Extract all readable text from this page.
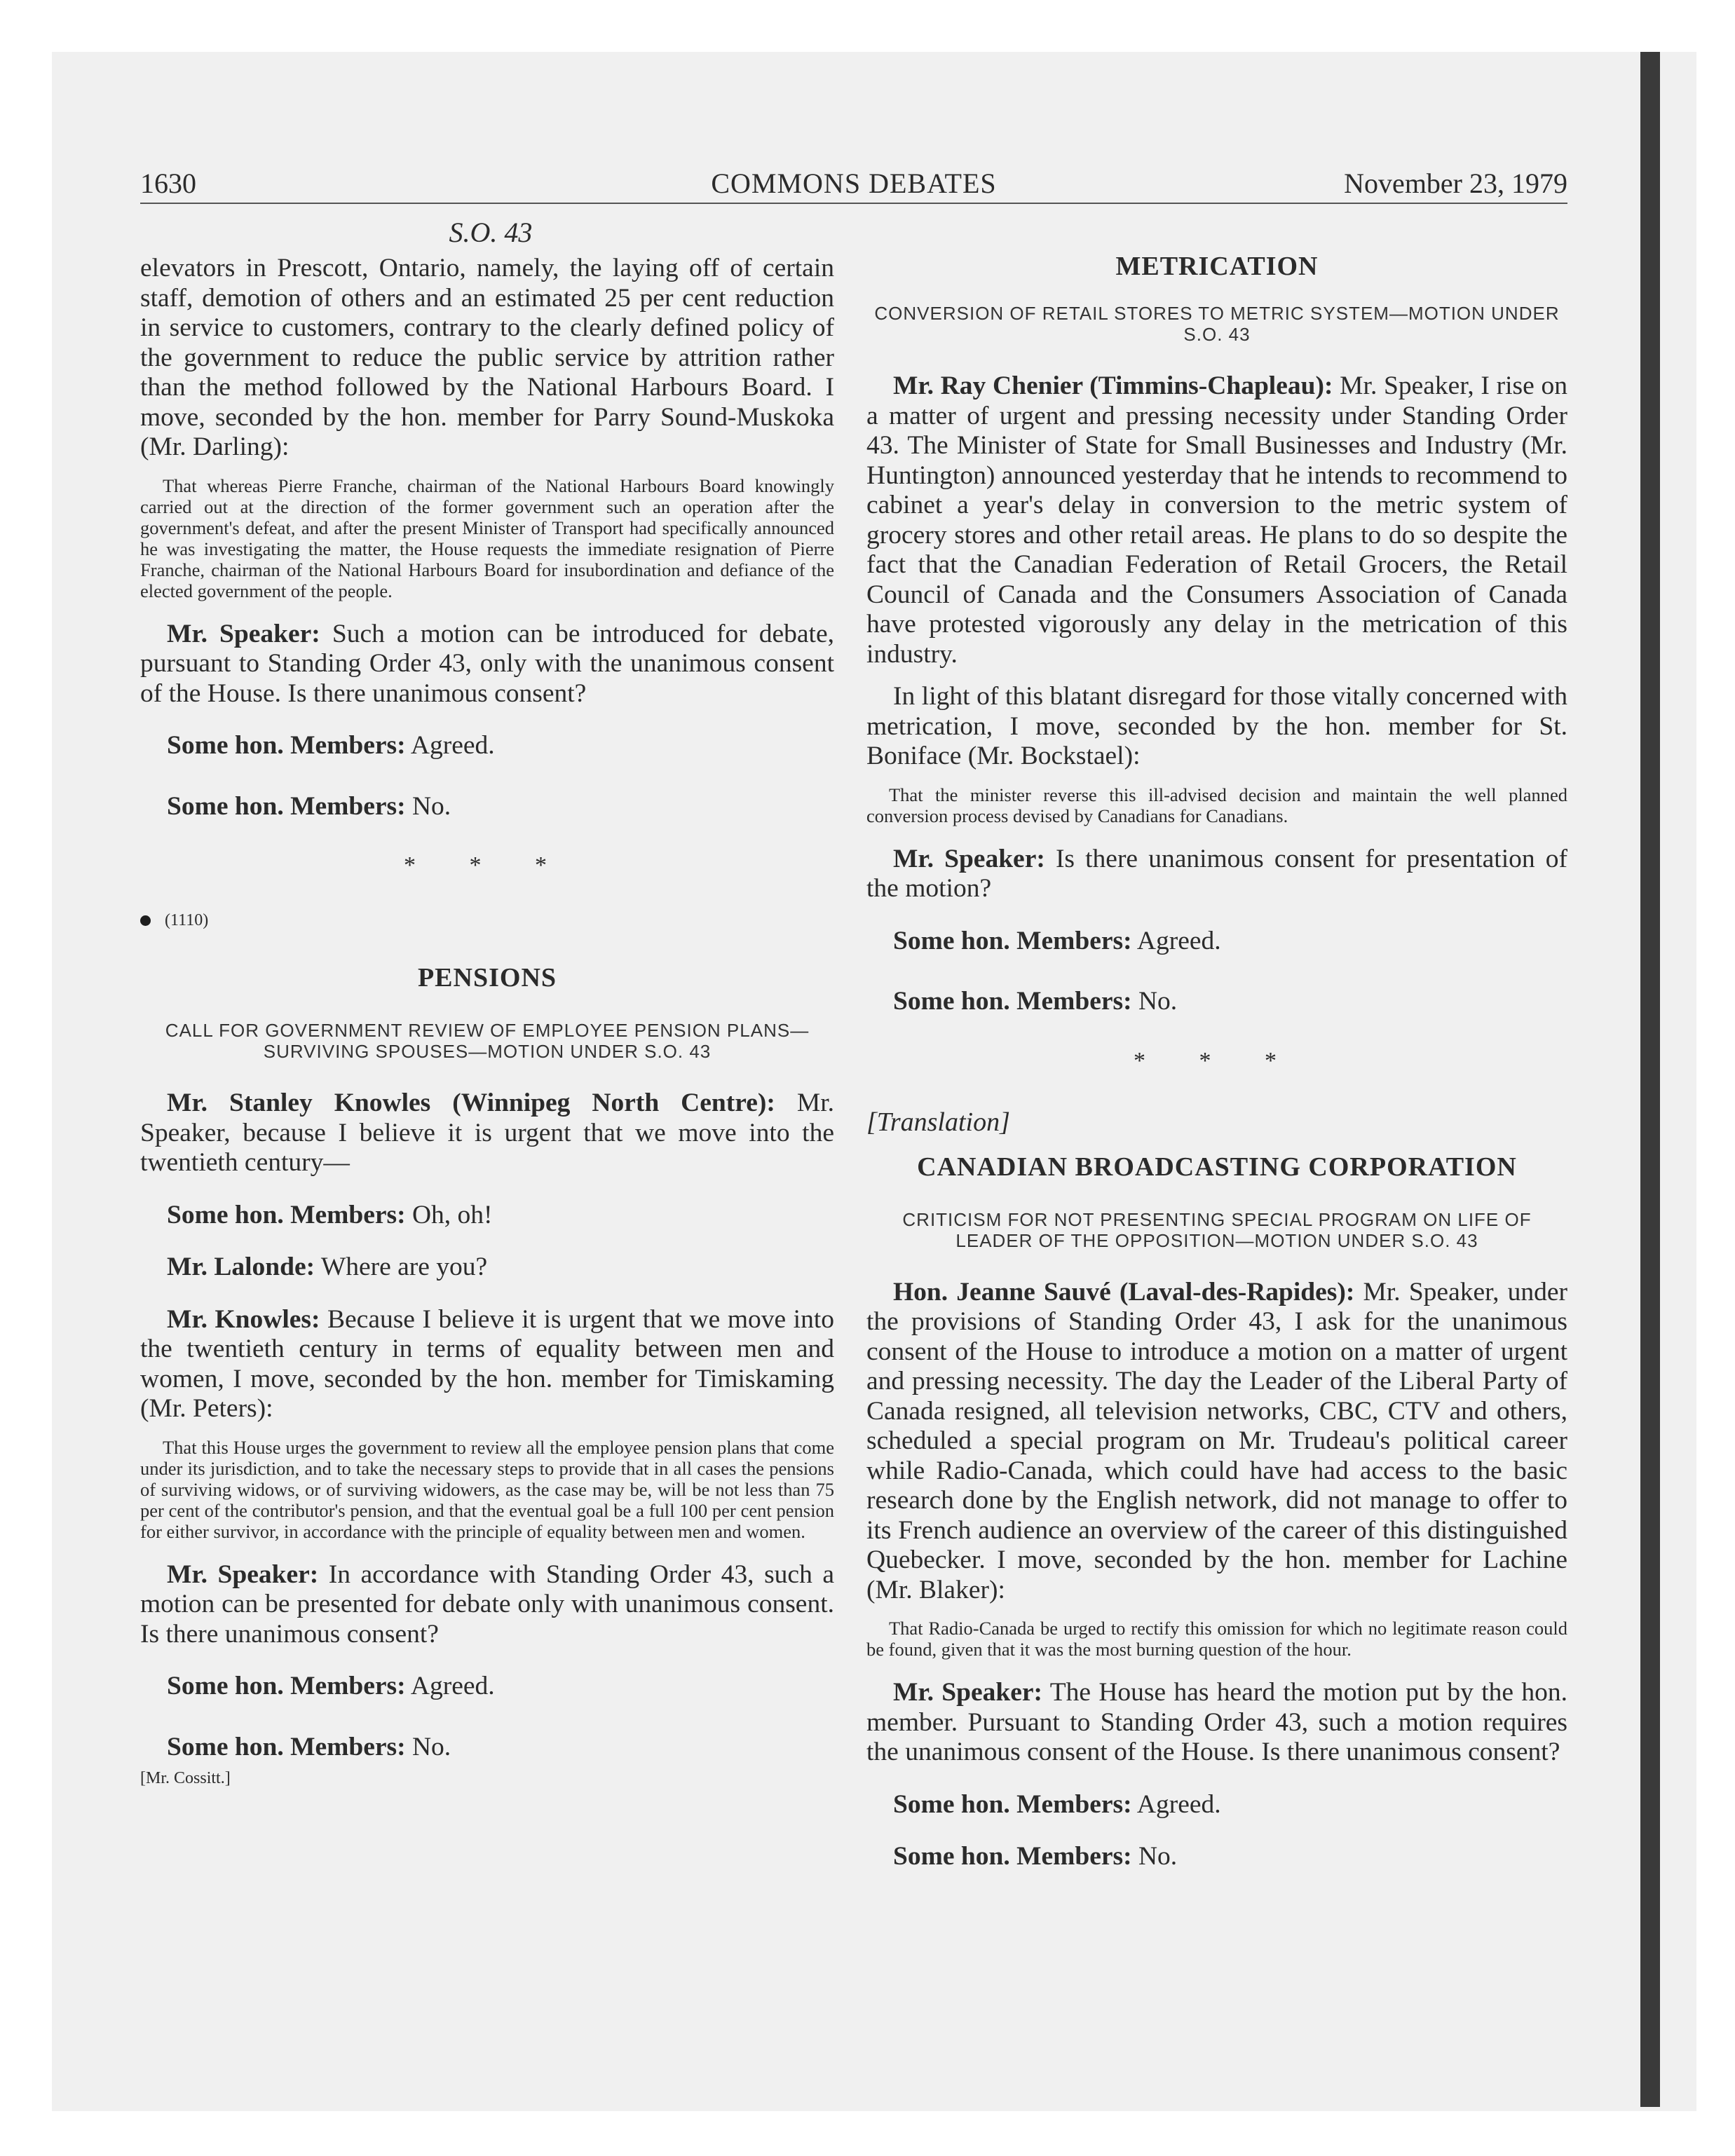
1630	COMMONS DEBATES	November 23, 1979
S.O. 43

elevators in Prescott, Ontario, namely, the laying off of certain staff, demotion of others and an estimated 25 per cent reduction in service to customers, contrary to the clearly defined policy of the government to reduce the public service by attrition rather than the method followed by the National Harbours Board. I move, seconded by the hon. member for Parry Sound-Muskoka (Mr. Darling):

That whereas Pierre Franche, chairman of the National Harbours Board knowingly carried out at the direction of the former government such an operation after the government's defeat, and after the present Minister of Transport had specifically announced he was investigating the matter, the House requests the immediate resignation of Pierre Franche, chairman of the National Harbours Board for insubordination and defiance of the elected government of the people.

Mr. Speaker: Such a motion can be introduced for debate, pursuant to Standing Order 43, only with the unanimous consent of the House. Is there unanimous consent?

Some hon. Members: Agreed.

Some hon. Members: No.

* * *
(1110)
PENSIONS
CALL FOR GOVERNMENT REVIEW OF EMPLOYEE PENSION PLANS—SURVIVING SPOUSES—MOTION UNDER S.O. 43

Mr. Stanley Knowles (Winnipeg North Centre): Mr. Speaker, because I believe it is urgent that we move into the twentieth century—

Some hon. Members: Oh, oh!

Mr. Lalonde: Where are you?

Mr. Knowles: Because I believe it is urgent that we move into the twentieth century in terms of equality between men and women, I move, seconded by the hon. member for Timiskaming (Mr. Peters):

That this House urges the government to review all the employee pension plans that come under its jurisdiction, and to take the necessary steps to provide that in all cases the pensions of surviving widows, or of surviving widowers, as the case may be, will be not less than 75 per cent of the contributor's pension, and that the eventual goal be a full 100 per cent pension for either survivor, in accordance with the principle of equality between men and women.

Mr. Speaker: In accordance with Standing Order 43, such a motion can be presented for debate only with unanimous consent. Is there unanimous consent?

Some hon. Members: Agreed.

Some hon. Members: No.

[Mr. Cossitt.]
METRICATION
CONVERSION OF RETAIL STORES TO METRIC SYSTEM—MOTION UNDER S.O. 43

Mr. Ray Chenier (Timmins-Chapleau): Mr. Speaker, I rise on a matter of urgent and pressing necessity under Standing Order 43. The Minister of State for Small Businesses and Industry (Mr. Huntington) announced yesterday that he intends to recommend to cabinet a year's delay in conversion to the metric system of grocery stores and other retail areas. He plans to do so despite the fact that the Canadian Federation of Retail Grocers, the Retail Council of Canada and the Consumers Association of Canada have protested vigorously any delay in the metrication of this industry.

In light of this blatant disregard for those vitally concerned with metrication, I move, seconded by the hon. member for St. Boniface (Mr. Bockstael):

That the minister reverse this ill-advised decision and maintain the well planned conversion process devised by Canadians for Canadians.

Mr. Speaker: Is there unanimous consent for presentation of the motion?

Some hon. Members: Agreed.

Some hon. Members: No.

* * *
[Translation]
CANADIAN BROADCASTING CORPORATION
CRITICISM FOR NOT PRESENTING SPECIAL PROGRAM ON LIFE OF LEADER OF THE OPPOSITION—MOTION UNDER S.O. 43

Hon. Jeanne Sauvé (Laval-des-Rapides): Mr. Speaker, under the provisions of Standing Order 43, I ask for the unanimous consent of the House to introduce a motion on a matter of urgent and pressing necessity. The day the Leader of the Liberal Party of Canada resigned, all television networks, CBC, CTV and others, scheduled a special program on Mr. Trudeau's political career while Radio-Canada, which could have had access to the basic research done by the English network, did not manage to offer to its French audience an overview of the career of this distinguished Quebecker. I move, seconded by the hon. member for Lachine (Mr. Blaker):

That Radio-Canada be urged to rectify this omission for which no legitimate reason could be found, given that it was the most burning question of the hour.

Mr. Speaker: The House has heard the motion put by the hon. member. Pursuant to Standing Order 43, such a motion requires the unanimous consent of the House. Is there unanimous consent?

Some hon. Members: Agreed.

Some hon. Members: No.
